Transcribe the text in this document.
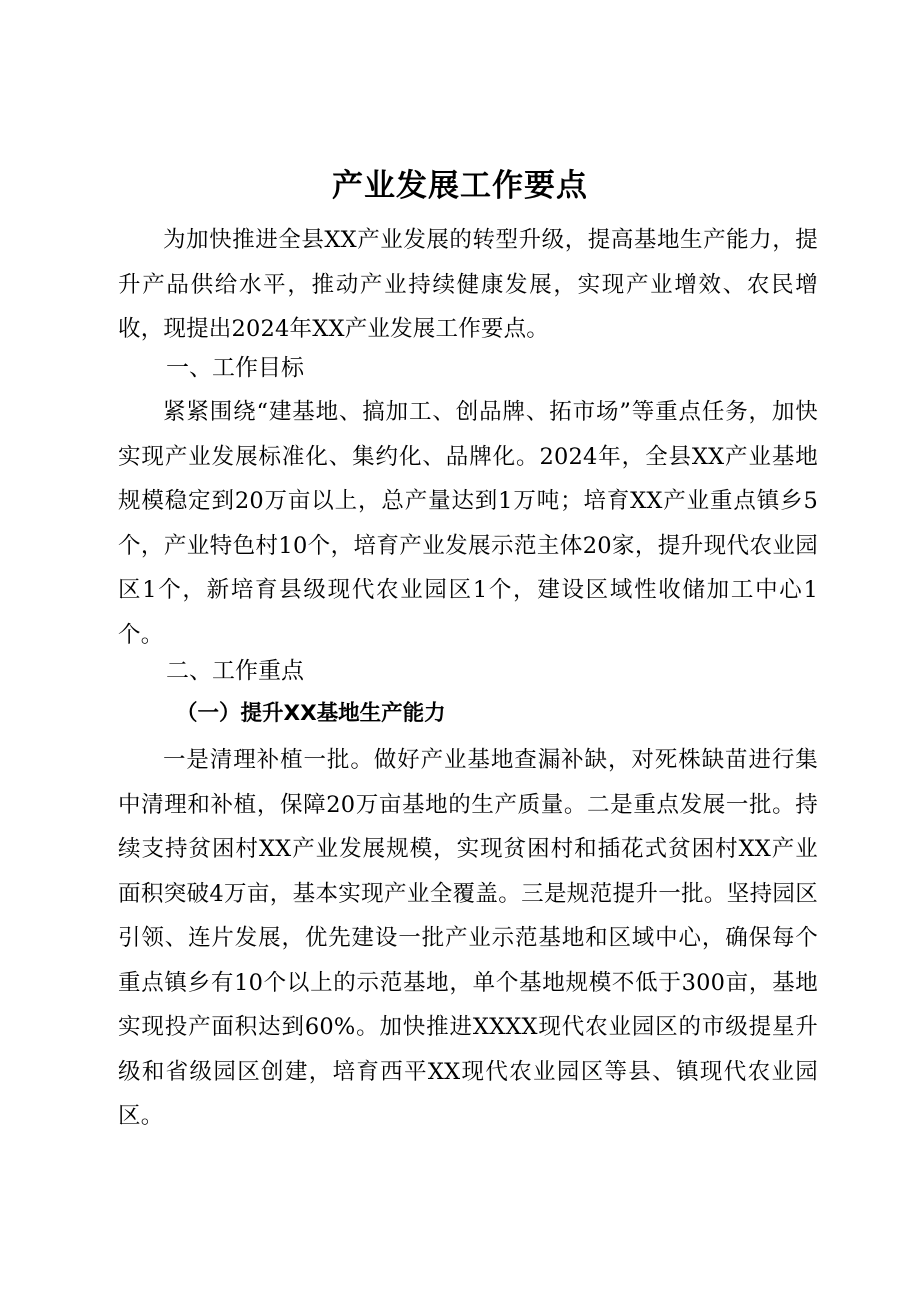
产业发展工作要点

为加快推进全县XX产业发展的转型升级，提高基地生产能力，提升产品供给水平，推动产业持续健康发展，实现产业增效、农民增收，现提出2024年XX产业发展工作要点。

一、工作目标

紧紧围绕“建基地、搞加工、创品牌、拓市场”等重点任务，加快实现产业发展标准化、集约化、品牌化。2024年，全县XX产业基地规模稳定到20万亩以上，总产量达到1万吨；培育XX产业重点镇乡5个，产业特色村10个，培育产业发展示范主体20家，提升现代农业园区1个，新培育县级现代农业园区1个，建设区域性收储加工中心1个。

二、工作重点
（一）提升XX基地生产能力

一是清理补植一批。做好产业基地查漏补缺，对死株缺苗进行集中清理和补植，保障20万亩基地的生产质量。二是重点发展一批。持续支持贫困村XX产业发展规模，实现贫困村和插花式贫困村XX产业面积突破4万亩，基本实现产业全覆盖。三是规范提升一批。坚持园区引领、连片发展，优先建设一批产业示范基地和区域中心，确保每个重点镇乡有10个以上的示范基地，单个基地规模不低于300亩，基地实现投产面积达到60%。加快推进XXXX现代农业园区的市级提星升级和省级园区创建，培育西平XX现代农业园区等县、镇现代农业园区。
